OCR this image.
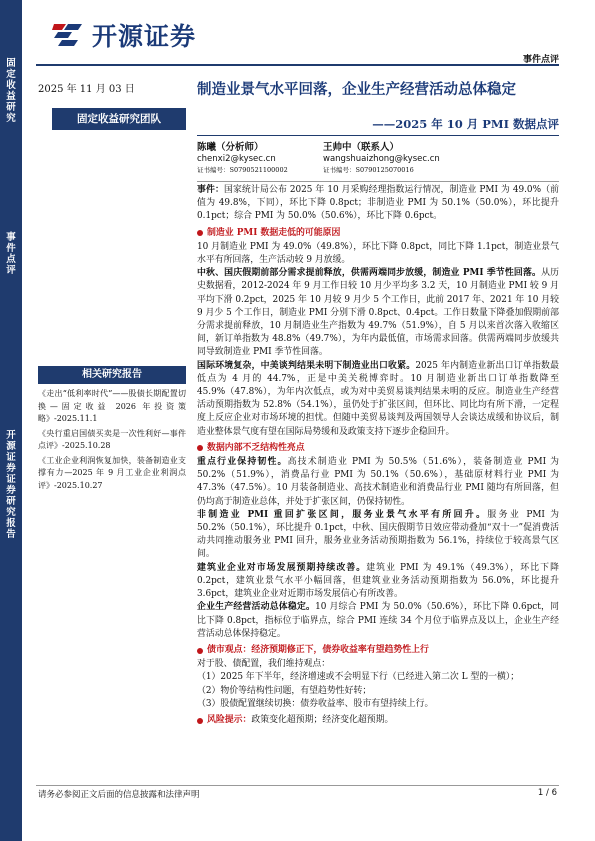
固定收益研究
事件点评
开源证券 证券研究报告
开源证券
事件点评
2025 年 11 月 03 日
固定收益研究团队
制造业景气水平回落，企业生产经营活动总体稳定
——2025 年 10 月 PMI 数据点评
陈曦（分析师）
chenxi2@kysec.cn
证书编号：S0790521100002
王帅中（联系人）
wangshuaizhong@kysec.cn
证书编号：S0790125070016

事件：国家统计局公布 2025 年 10 月采购经理指数运行情况，制造业 PMI 为 49.0%（前值为 49.8%，下同），环比下降 0.8pct；非制造业 PMI 为 50.1%（50.0%），环比提升 0.1pct；综合 PMI 为 50.0%（50.6%），环比下降 0.6pct。

制造业 PMI 数据走低的可能原因

10 月制造业 PMI 为 49.0%（49.8%），环比下降 0.8pct，同比下降 1.1pct，制造业景气水平有所回落，生产活动较 9 月放缓。

中秋、国庆假期前部分需求提前释放，供需两端同步放缓，制造业 PMI 季节性回落。从历史数据看，2012-2024 年 9 月工作日较 10 月少平均多 3.2 天，10 月制造业 PMI 较 9 月平均下滑 0.2pct，2025 年 10 月较 9 月少 5 个工作日，此前 2017 年、2021 年 10 月较 9 月少 5 个工作日，制造业 PMI 分别下滑 0.8pct、0.4pct。工作日数量下降叠加假期前部分需求提前释放，10 月制造业生产指数为 49.7%（51.9%），自 5 月以来首次落入收缩区间，新订单指数为 48.8%（49.7%），为年内最低值，市场需求回落。供需两端同步放缓共同导致制造业 PMI 季节性回落。

国际环境复杂，中美谈判结果未明下制造业出口收紧。2025 年内制造业新出口订单指数最低点为 4 月的 44.7%，正是中美关税博弈时。10 月制造业新出口订单指数降至 45.9%（47.8%），为年内次低点，或为对中美贸易谈判结果未明的反应。制造业生产经营活动预期指数为 52.8%（54.1%），虽仍处于扩张区间，但环比、同比均有所下滑，一定程度上反应企业对市场环境的担忧。但随中美贸易谈判及两国领导人会谈达成缓和协议后，制造业整体景气度有望在国际局势缓和及政策支持下逐步企稳回升。

数据内部不乏结构性亮点

重点行业保持韧性。高技术制造业 PMI 为 50.5%（51.6%），装备制造业 PMI 为 50.2%（51.9%），消费品行业 PMI 为 50.1%（50.6%），基础原材料行业 PMI 为 47.3%（47.5%）。10 月装备制造业、高技术制造业和消费品行业 PMI 随均有所回落，但仍均高于制造业总体，并处于扩张区间，仍保持韧性。

非制造业 PMI 重回扩张区间，服务业景气水平有所回升。服务业 PMI 为 50.2%（50.1%），环比提升 0.1pct，中秋、国庆假期节日效应带动叠加“双十一”促消费活动共同推动服务业 PMI 回升，服务业业务活动预期指数为 56.1%，持续位于较高景气区间。

建筑业企业对市场发展预期持续改善。建筑业 PMI 为 49.1%（49.3%），环比下降 0.2pct，建筑业景气水平小幅回落，但建筑业业务活动预期指数为 56.0%，环比提升 3.6pct，建筑业企业对近期市场发展信心有所改善。

企业生产经营活动总体稳定。10 月综合 PMI 为 50.0%（50.6%），环比下降 0.6pct，同比下降 0.8pct，指标位于临界点，综合 PMI 连续 34 个月位于临界点及以上，企业生产经营活动总体保持稳定。

债市观点：经济预期修正下，债券收益率有望趋势性上行

对于股、债配置，我们维持观点：

（1）2025 年下半年，经济增速或不会明显下行（已经进入第二次 L 型的一横）；

（2）物价等结构性问题，有望趋势性好转；

（3）股债配置继续切换：债券收益率、股市有望持续上行。

风险提示： 政策变化超预期；经济变化超预期。
相关研究报告
《走出“低利率时代”——股债长期配置切换—固定收益 2026 年投资策略》-2025.11.1
《央行重启国债买卖是一次性利好—事件点评》-2025.10.28
《工业企业利润恢复加快，装备制造业支撑有力—2025 年 9 月工业企业利润点评》-2025.10.27
请务必参阅正文后面的信息披露和法律声明	1 / 6
